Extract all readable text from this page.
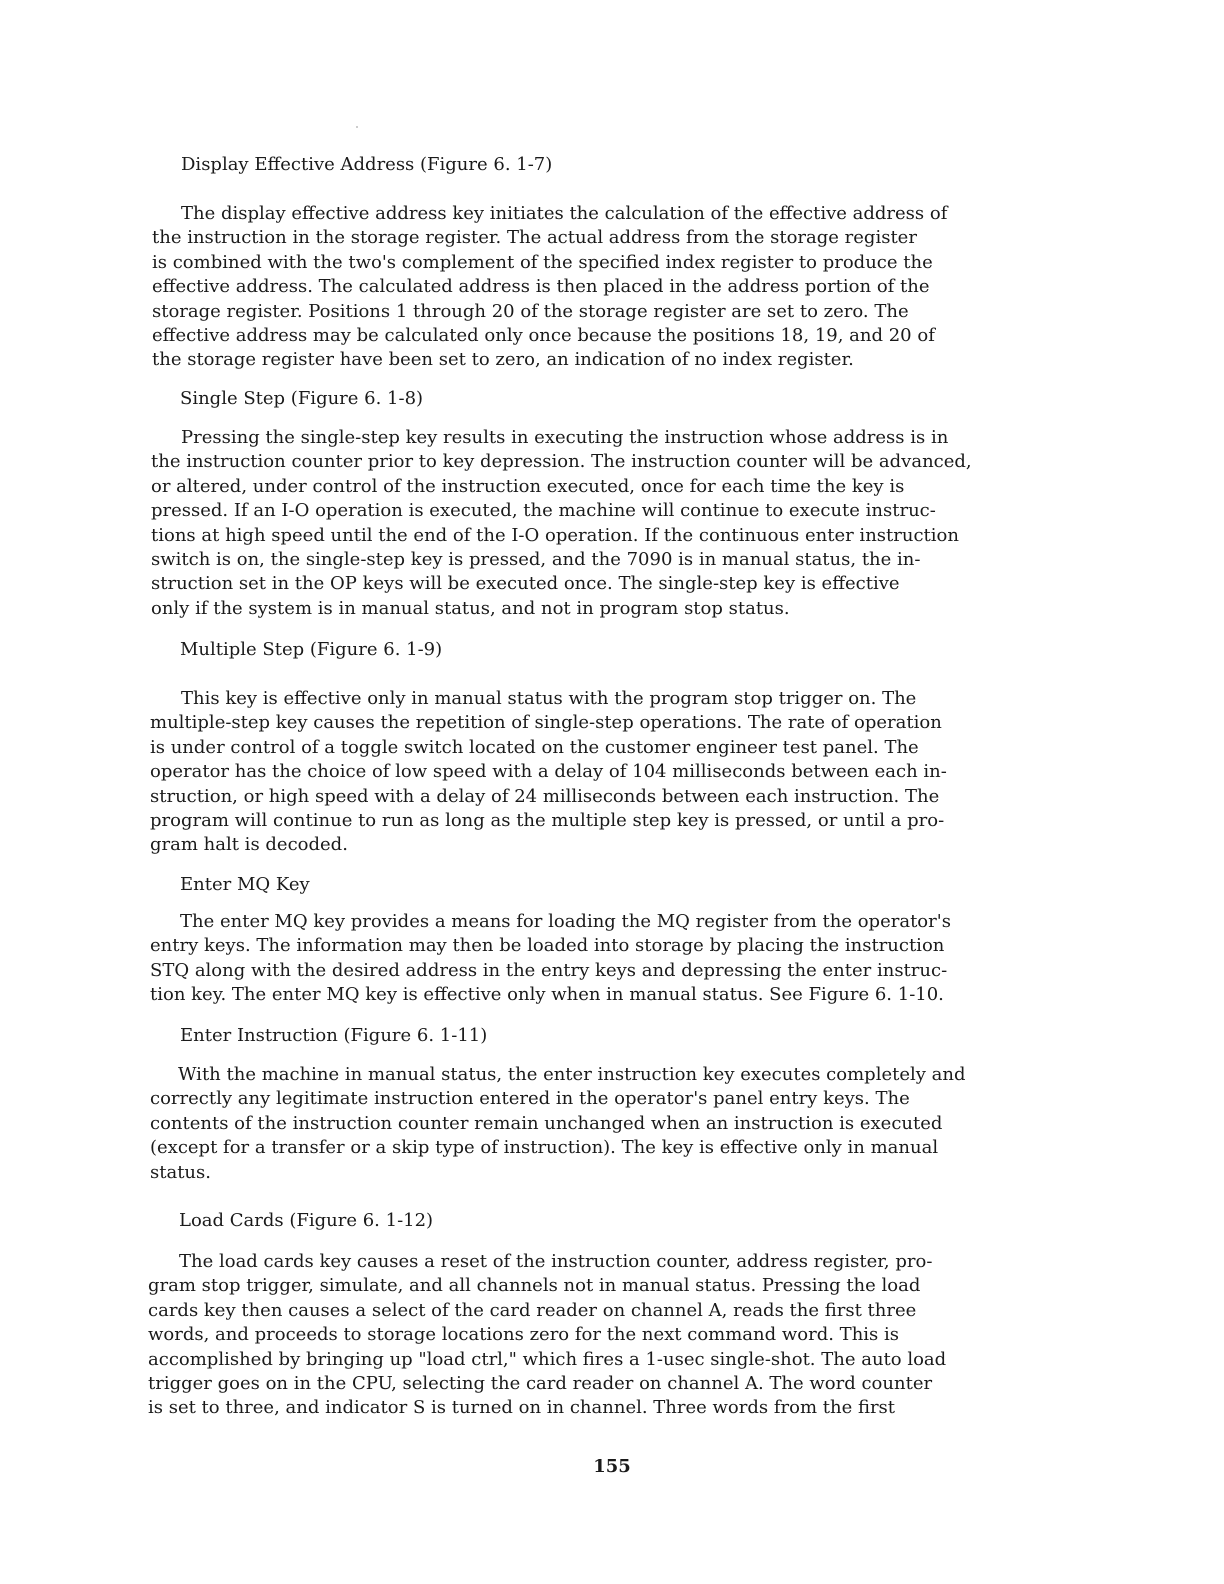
Display Effective Address (Figure 6. 1-7)

The display effective address key initiates the calculation of the effective address of
the instruction in the storage register. The actual address from the storage register
is combined with the two's complement of the specified index register to produce the
effective address. The calculated address is then placed in the address portion of the
storage register. Positions 1 through 20 of the storage register are set to zero. The
effective address may be calculated only once because the positions 18, 19, and 20 of
the storage register have been set to zero, an indication of no index register.

Single Step (Figure 6. 1-8)

Pressing the single-step key results in executing the instruction whose address is in
the instruction counter prior to key depression. The instruction counter will be advanced,
or altered, under control of the instruction executed, once for each time the key is
pressed. If an I-O operation is executed, the machine will continue to execute instruc-
tions at high speed until the end of the I-O operation. If the continuous enter instruction
switch is on, the single-step key is pressed, and the 7090 is in manual status, the in-
struction set in the OP keys will be executed once. The single-step key is effective
only if the system is in manual status, and not in program stop status.

Multiple Step (Figure 6. 1-9)

This key is effective only in manual status with the program stop trigger on. The
multiple-step key causes the repetition of single-step operations. The rate of operation
is under control of a toggle switch located on the customer engineer test panel. The
operator has the choice of low speed with a delay of 104 milliseconds between each in-
struction, or high speed with a delay of 24 milliseconds between each instruction. The
program will continue to run as long as the multiple step key is pressed, or until a pro-
gram halt is decoded.

Enter MQ Key

The enter MQ key provides a means for loading the MQ register from the operator's
entry keys. The information may then be loaded into storage by placing the instruction
STQ along with the desired address in the entry keys and depressing the enter instruc-
tion key. The enter MQ key is effective only when in manual status. See Figure 6. 1-10.

Enter Instruction (Figure 6. 1-11)

With the machine in manual status, the enter instruction key executes completely and
correctly any legitimate instruction entered in the operator's panel entry keys. The
contents of the instruction counter remain unchanged when an instruction is executed
(except for a transfer or a skip type of instruction). The key is effective only in manual
status.

Load Cards (Figure 6. 1-12)

The load cards key causes a reset of the instruction counter, address register, pro-
gram stop trigger, simulate, and all channels not in manual status. Pressing the load
cards key then causes a select of the card reader on channel A, reads the first three
words, and proceeds to storage locations zero for the next command word. This is
accomplished by bringing up "load ctrl," which fires a 1-usec single-shot. The auto load
trigger goes on in the CPU, selecting the card reader on channel A. The word counter
is set to three, and indicator S is turned on in channel. Three words from the first

155
